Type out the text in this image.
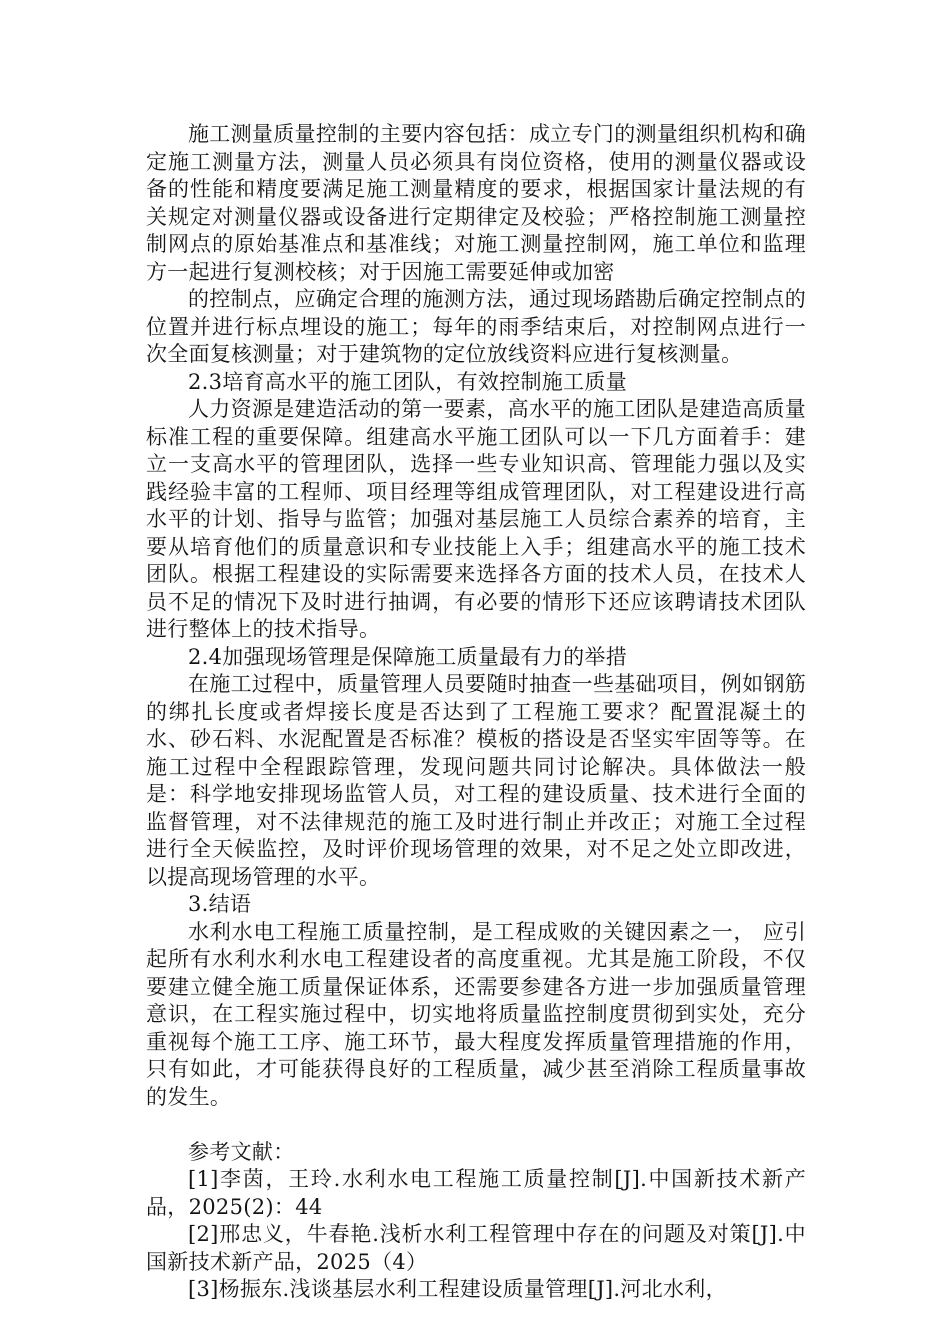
施工测量质量控制的主要内容包括：成立专门的测量组织机构和确定施工测量方法，测量人员必须具有岗位资格，使用的测量仪器或设备的性能和精度要满足施工测量精度的要求，根据国家计量法规的有关规定对测量仪器或设备进行定期律定及校验；严格控制施工测量控制网点的原始基准点和基准线；对施工测量控制网，施工单位和监理方一起进行复测校核；对于因施工需要延伸或加密

的控制点，应确定合理的施测方法，通过现场踏勘后确定控制点的位置并进行标点埋设的施工；每年的雨季结束后，对控制网点进行一次全面复核测量；对于建筑物的定位放线资料应进行复核测量。

2.3培育高水平的施工团队，有效控制施工质量

人力资源是建造活动的第一要素，高水平的施工团队是建造高质量标准工程的重要保障。组建高水平施工团队可以一下几方面着手：建立一支高水平的管理团队，选择一些专业知识高、管理能力强以及实践经验丰富的工程师、项目经理等组成管理团队，对工程建设进行高水平的计划、指导与监管；加强对基层施工人员综合素养的培育，主要从培育他们的质量意识和专业技能上入手；组建高水平的施工技术团队。根据工程建设的实际需要来选择各方面的技术人员，在技术人员不足的情况下及时进行抽调，有必要的情形下还应该聘请技术团队进行整体上的技术指导。

2.4加强现场管理是保障施工质量最有力的举措

在施工过程中，质量管理人员要随时抽查一些基础项目，例如钢筋的绑扎长度或者焊接长度是否达到了工程施工要求？配置混凝土的水、砂石料、水泥配置是否标准？模板的搭设是否坚实牢固等等。在施工过程中全程跟踪管理，发现问题共同讨论解决。具体做法一般是：科学地安排现场监管人员，对工程的建设质量、技术进行全面的监督管理，对不法律规范的施工及时进行制止并改正；对施工全过程进行全天候监控，及时评价现场管理的效果，对不足之处立即改进，以提高现场管理的水平。

3.结语

水利水电工程施工质量控制，是工程成败的关键因素之一， 应引起所有水利水利水电工程建设者的高度重视。尤其是施工阶段，不仅要建立健全施工质量保证体系，还需要参建各方进一步加强质量管理意识，在工程实施过程中，切实地将质量监控制度贯彻到实处，充分重视每个施工工序、施工环节，最大程度发挥质量管理措施的作用，只有如此，才可能获得良好的工程质量，减少甚至消除工程质量事故的发生。

参考文献：

[1]李茵，王玲.水利水电工程施工质量控制[J].中国新技术新产品，2025(2)：44

[2]邢忠义，牛春艳.浅析水利工程管理中存在的问题及对策[J].中国新技术新产品，2025（4）

[3]杨振东.浅谈基层水利工程建设质量管理[J].河北水利，
